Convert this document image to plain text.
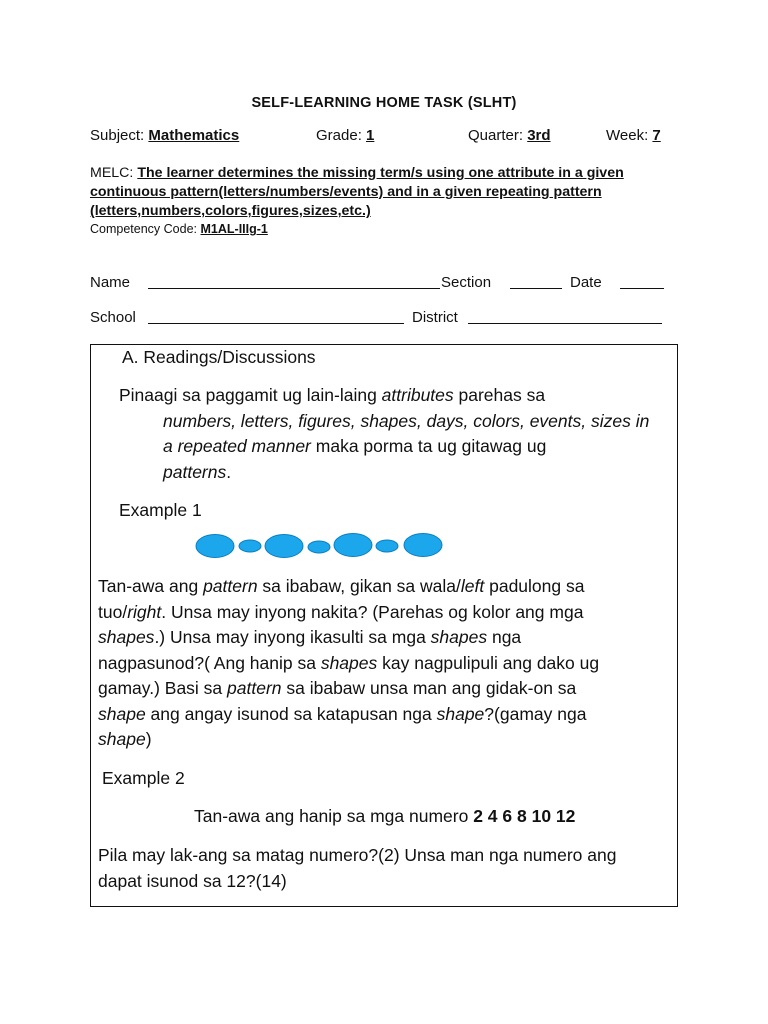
SELF-LEARNING HOME TASK (SLHT)
Subject: Mathematics	Grade: 1	Quarter: 3rd	Week: 7
MELC: The learner determines the missing term/s using one attribute in a given
continuous pattern(letters/numbers/events) and in a given repeating pattern
(letters,numbers,colors,figures,sizes,etc.)
Competency Code: M1AL-IIIg-1
Name	Section	Date
School	District
A. Readings/Discussions
Pinaagi sa paggamit ug lain-laing attributes parehas sa
numbers, letters, figures, shapes, days, colors, events, sizes in
a repeated manner maka porma ta ug gitawag ug
patterns.
Example 1
Tan-awa ang pattern sa ibabaw, gikan sa wala/left padulong sa
tuo/right. Unsa may inyong nakita? (Parehas og kolor ang mga
shapes.) Unsa may inyong ikasulti sa mga shapes nga
nagpasunod?( Ang hanip sa shapes kay nagpulipuli ang dako ug
gamay.) Basi sa pattern sa ibabaw unsa man ang gidak-on sa
shape ang angay isunod sa katapusan nga shape?(gamay nga
shape)
Example 2
Tan-awa ang hanip sa mga numero 2 4 6 8 10 12
Pila may lak-ang sa matag numero?(2) Unsa man nga numero ang
dapat isunod sa 12?(14)
